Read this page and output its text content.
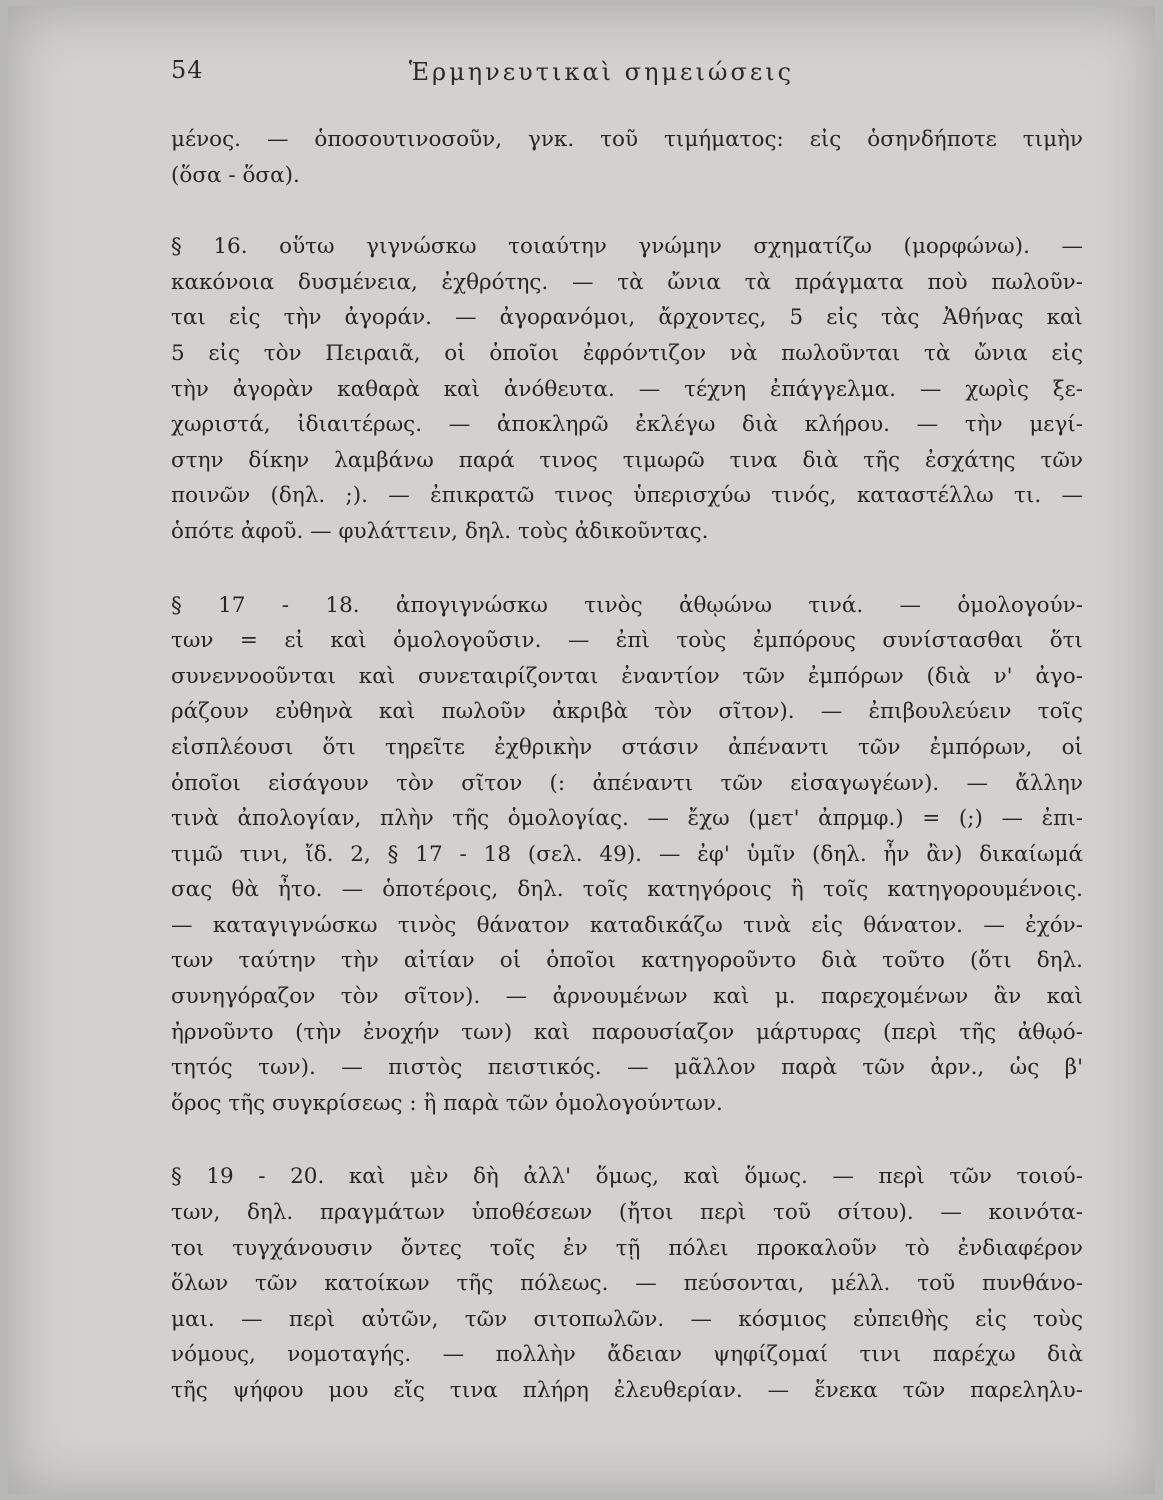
54	Ἑρμηνευτικαὶ σημειώσεις
μένος. — ὁποσουτινοσοῦν, γνκ. τοῦ τιμήματος: εἰς ὁσηνδήποτε τιμὴν
(ὅσα - ὅσα).
§ 16. οὕτω γιγνώσκω τοιαύτην γνώμην σχηματίζω (μορφώνω). —
κακόνοια δυσμένεια, ἐχθρότης. — τὰ ὤνια τὰ πράγματα ποὺ πωλοῦν-
ται εἰς τὴν ἀγοράν. — ἀγορανόμοι, ἄρχοντες, 5 εἰς τὰς Ἀθήνας καὶ
5 εἰς τὸν Πειραιᾶ, οἱ ὁποῖοι ἐφρόντιζον νὰ πωλοῦνται τὰ ὤνια εἰς
τὴν ἀγορὰν καθαρὰ καὶ ἀνόθευτα. — τέχνη ἐπάγγελμα. — χωρὶς ξε-
χωριστά, ἰδιαιτέρως. — ἀποκληρῶ ἐκλέγω διὰ κλήρου. — τὴν μεγί-
στην δίκην λαμβάνω παρά τινος τιμωρῶ τινα διὰ τῆς ἐσχάτης τῶν
ποινῶν (δηλ. ;). — ἐπικρατῶ τινος ὑπερισχύω τινός, καταστέλλω τι. —
ὁπότε ἀφοῦ. — φυλάττειν, δηλ. τοὺς ἀδικοῦντας.
§ 17 - 18. ἀπογιγνώσκω τινὸς ἀθῳώνω τινά. — ὁμολογούν-
των = εἰ καὶ ὁμολογοῦσιν. — ἐπὶ τοὺς ἐμπόρους συνίστασθαι ὅτι
συνεννοοῦνται καὶ συνεταιρίζονται ἐναντίον τῶν ἐμπόρων (διὰ ν' ἀγο-
ράζουν εὐθηνὰ καὶ πωλοῦν ἀκριβὰ τὸν σῖτον). — ἐπιβουλεύειν τοῖς
εἰσπλέουσι ὅτι τηρεῖτε ἐχθρικὴν στάσιν ἀπέναντι τῶν ἐμπόρων, οἱ
ὁποῖοι εἰσάγουν τὸν σῖτον (: ἀπέναντι τῶν εἰσαγωγέων). — ἄλλην
τινὰ ἀπολογίαν, πλὴν τῆς ὁμολογίας. — ἔχω (μετ' ἀπρμφ.) = (;) — ἐπι-
τιμῶ τινι, ἴδ. 2, § 17 - 18 (σελ. 49). — ἐφ' ὑμῖν (δηλ. ἦν ἂν) δικαίωμά
σας θὰ ἦτο. — ὁποτέροις, δηλ. τοῖς κατηγόροις ἢ τοῖς κατηγορουμένοις.
— καταγιγνώσκω τινὸς θάνατον καταδικάζω τινὰ εἰς θάνατον. — ἐχόν-
των ταύτην τὴν αἰτίαν οἱ ὁποῖοι κατηγοροῦντο διὰ τοῦτο (ὅτι δηλ.
συνηγόραζον τὸν σῖτον). — ἀρνουμένων καὶ μ. παρεχομένων ἂν καὶ
ἠρνοῦντο (τὴν ἐνοχήν των) καὶ παρουσίαζον μάρτυρας (περὶ τῆς ἀθῳό-
τητός των). — πιστὸς πειστικός. — μᾶλλον παρὰ τῶν ἀρν., ὡς β'
ὅρος τῆς συγκρίσεως : ἢ παρὰ τῶν ὁμολογούντων.
§ 19 - 20. καὶ μὲν δὴ ἀλλ' ὅμως, καὶ ὅμως. — περὶ τῶν τοιού-
των, δηλ. πραγμάτων ὑποθέσεων (ἤτοι περὶ τοῦ σίτου). — κοινότα-
τοι τυγχάνουσιν ὄντες τοῖς ἐν τῇ πόλει προκαλοῦν τὸ ἐνδιαφέρον
ὅλων τῶν κατοίκων τῆς πόλεως. — πεύσονται, μέλλ. τοῦ πυνθάνο-
μαι. — περὶ αὐτῶν, τῶν σιτοπωλῶν. — κόσμιος εὐπειθὴς εἰς τοὺς
νόμους, νομοταγής. — πολλὴν ἄδειαν ψηφίζομαί τινι παρέχω διὰ
τῆς ψήφου μου εἴς τινα πλήρη ἐλευθερίαν. — ἕνεκα τῶν παρεληλυ-
